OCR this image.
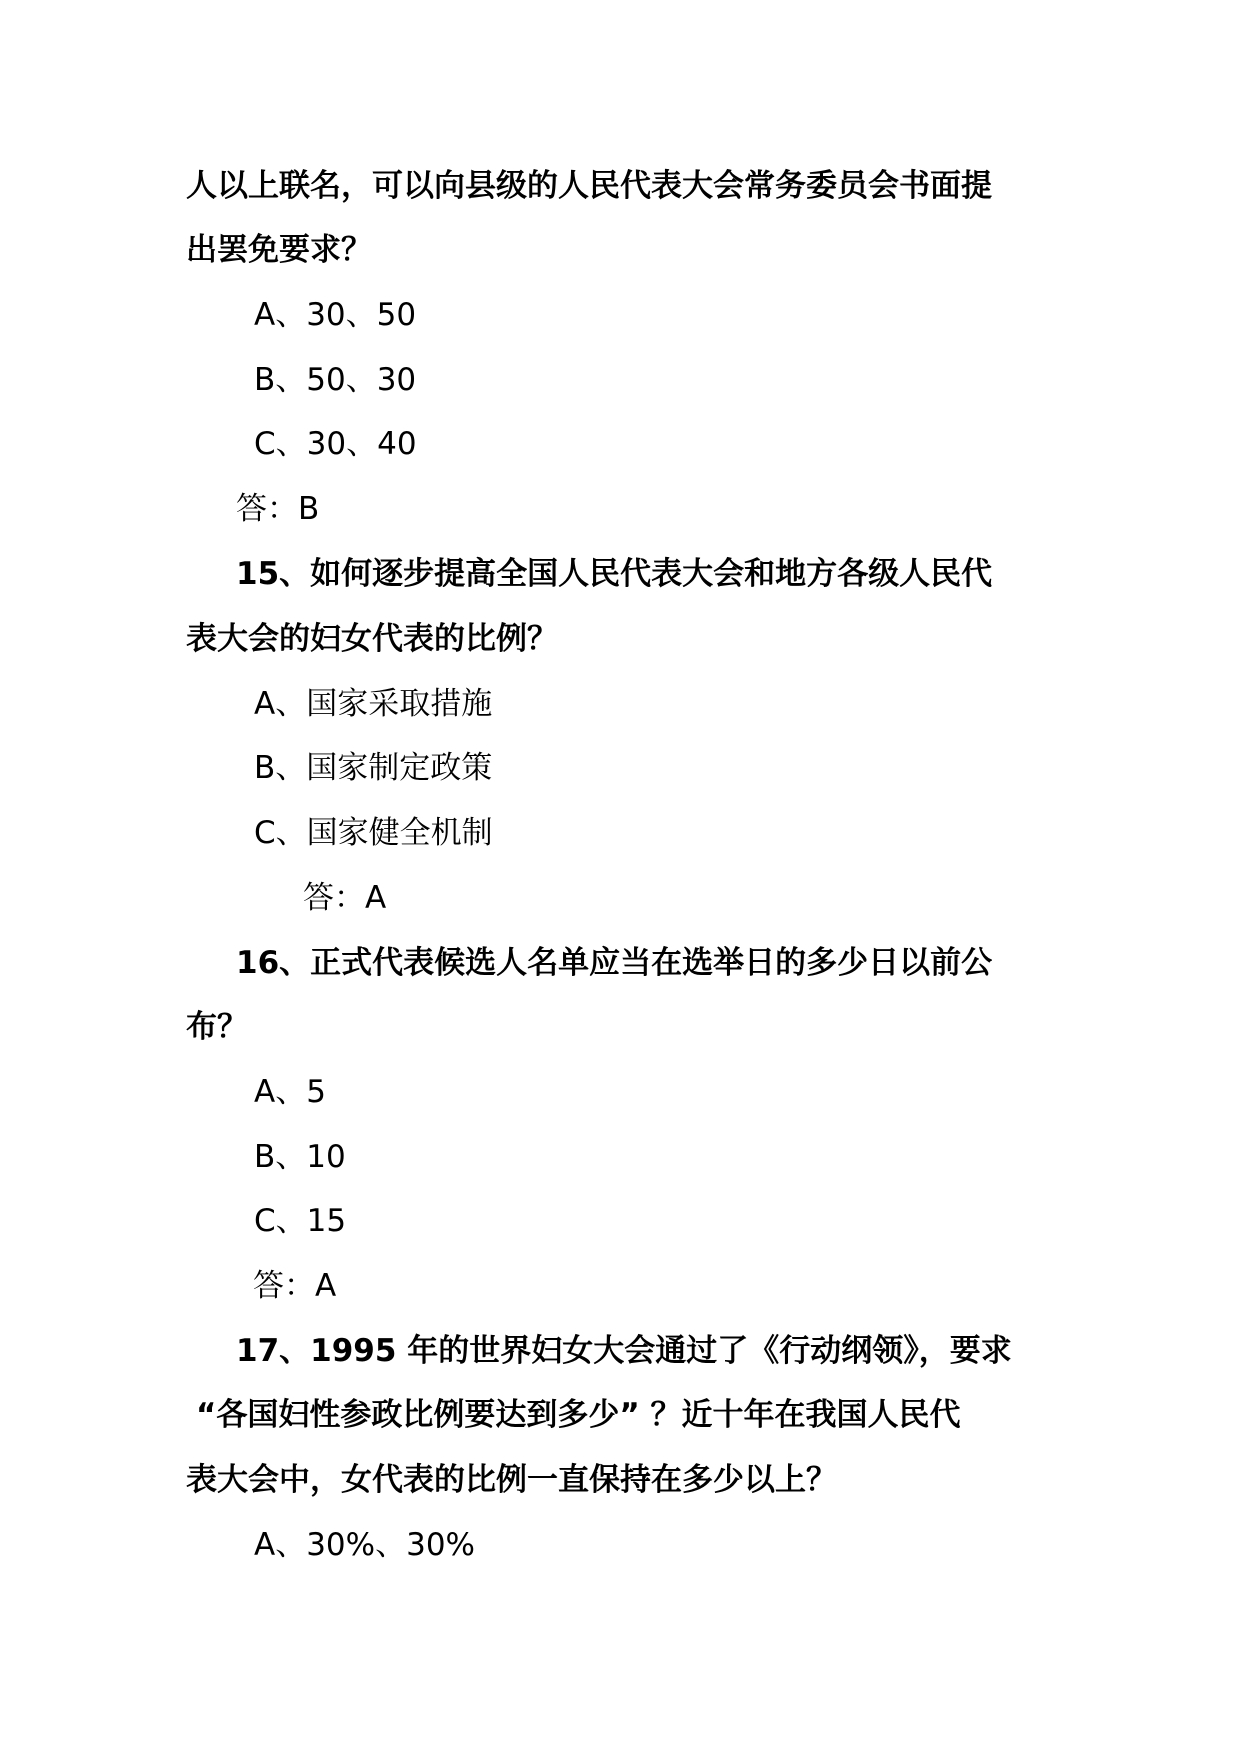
人以上联名，可以向县级的人民代表大会常务委员会书面提
出罢免要求？
A、30、50
B、50、30
C、30、40
答：B
15、如何逐步提高全国人民代表大会和地方各级人民代
表大会的妇女代表的比例？
A、国家采取措施
B、国家制定政策
C、国家健全机制
答：A
16、正式代表候选人名单应当在选举日的多少日以前公
布？
A、5
B、10
C、15
答：A
17、1995 年的世界妇女大会通过了《行动纲领》，要求
“各国妇性参政比例要达到多少” ？近十年在我国人民代
表大会中，女代表的比例一直保持在多少以上？
A、30%、30%
